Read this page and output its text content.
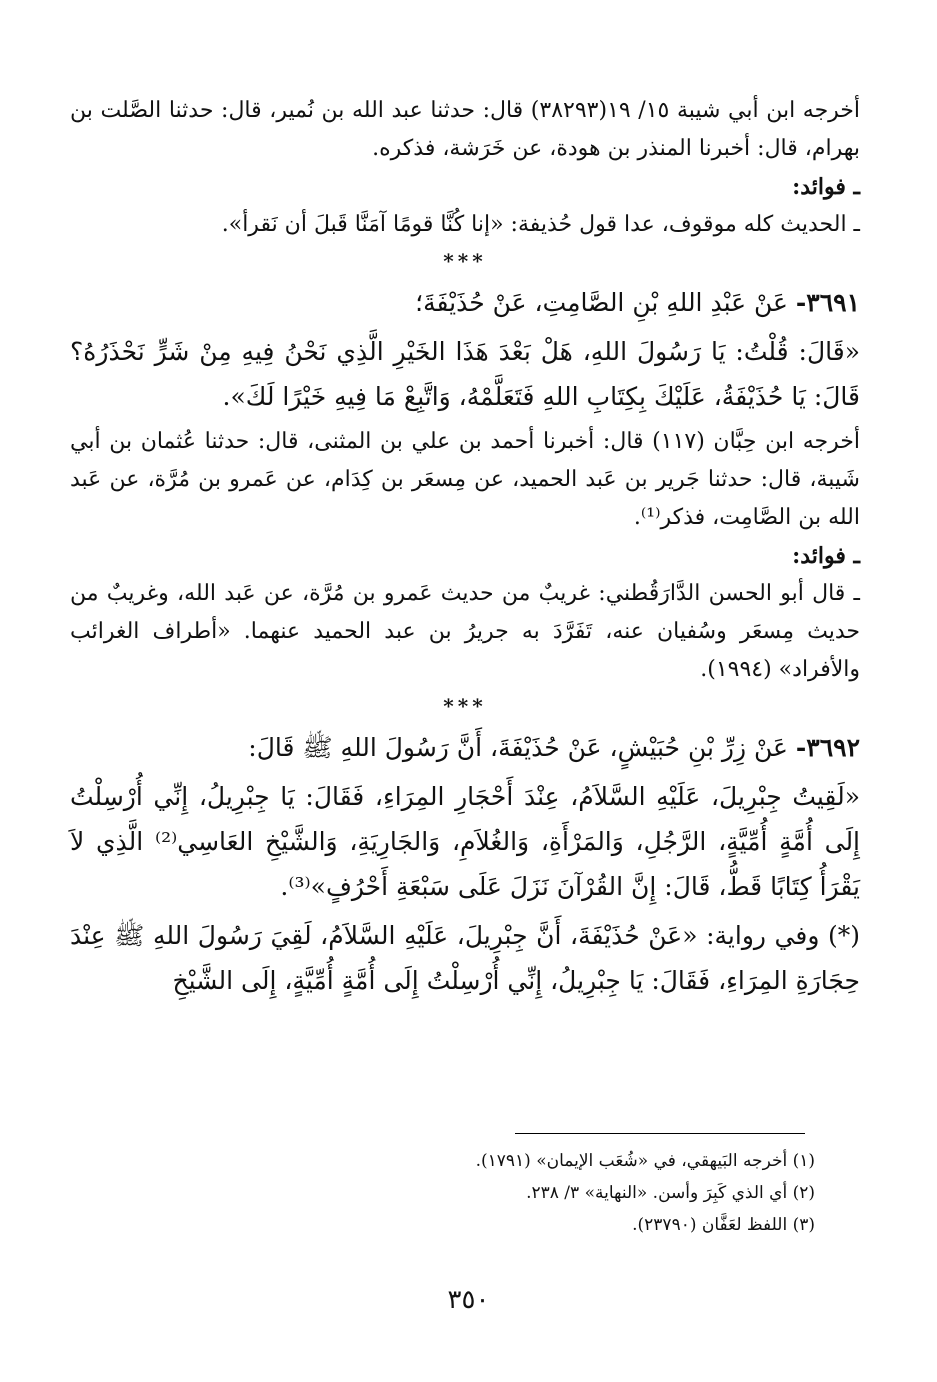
أخرجه ابن أبي شيبة ١٥/ ١٩(٣٨٢٩٣) قال: حدثنا عبد الله بن نُمير، قال: حدثنا الصَّلت بن بهرام، قال: أخبرنا المنذر بن هودة، عن خَرَشة، فذكره.

ـ فوائد:

ـ الحديث كله موقوف، عدا قول حُذيفة: «إنا كُنَّا قومًا آمَنَّا قَبلَ أن نَقرأ».

***

٣٦٩١- عَنْ عَبْدِ اللهِ بْنِ الصَّامِتِ، عَنْ حُذَيْفَةَ؛

«قَالَ: قُلْتُ: يَا رَسُولَ اللهِ، هَلْ بَعْدَ هَذَا الخَيْرِ الَّذِي نَحْنُ فِيهِ مِنْ شَرٍّ نَحْذَرُهُ؟ قَالَ: يَا حُذَيْفَةُ، عَلَيْكَ بِكِتَابِ اللهِ فَتَعَلَّمْهُ، وَاتَّبِعْ مَا فِيهِ خَيْرًا لَكَ».

أخرجه ابن حِبَّان (١١٧) قال: أخبرنا أحمد بن علي بن المثنى، قال: حدثنا عُثمان بن أبي شَيبة، قال: حدثنا جَرير بن عَبد الحميد، عن مِسعَر بن كِدَام، عن عَمرو بن مُرَّة، عن عَبد الله بن الصَّامِت، فذكر⁽¹⁾.

ـ فوائد:

ـ قال أبو الحسن الدَّارَقُطني: غريبٌ من حديث عَمرو بن مُرَّة، عن عَبد الله، وغريبٌ من حديث مِسعَر وسُفيان عنه، تَفَرَّدَ به جريرُ بن عبد الحميد عنهما. «أطراف الغرائب والأفراد» (١٩٩٤).

***

٣٦٩٢- عَنْ زِرِّ بْنِ حُبَيْشٍ، عَنْ حُذَيْفَةَ، أَنَّ رَسُولَ اللهِ ﷺ قَالَ:

«لَقِيتُ جِبْرِيلَ، عَلَيْهِ السَّلاَمُ، عِنْدَ أَحْجَارِ المِرَاءِ، فَقَالَ: يَا جِبْرِيلُ، إِنِّي أُرْسِلْتُ إِلَى أُمَّةٍ أُمِّيَّةٍ، الرَّجُلِ، وَالمَرْأَةِ، وَالغُلاَمِ، وَالجَارِيَةِ، وَالشَّيْخِ العَاسِي⁽²⁾ الَّذِي لاَ يَقْرَأُ كِتَابًا قَطُّ، قَالَ: إِنَّ القُرْآنَ نَزَلَ عَلَى سَبْعَةِ أَحْرُفٍ»⁽³⁾.

(*) وفي رواية: «عَنْ حُذَيْفَةَ، أَنَّ جِبْرِيلَ، عَلَيْهِ السَّلاَمُ، لَقِيَ رَسُولَ اللهِ ﷺ عِنْدَ حِجَارَةِ المِرَاءِ، فَقَالَ: يَا جِبْرِيلُ، إِنِّي أُرْسِلْتُ إِلَى أُمَّةٍ أُمِّيَّةٍ، إِلَى الشَّيْخِ

(١) أخرجه البَيهقي، في «شُعَب الإيمان» (١٧٩١).

(٢) أي الذي كَبِرَ وأسن. «النهاية» ٣/ ٢٣٨.

(٣) اللفظ لعَفَّان (٢٣٧٩٠).

٣٥٠
